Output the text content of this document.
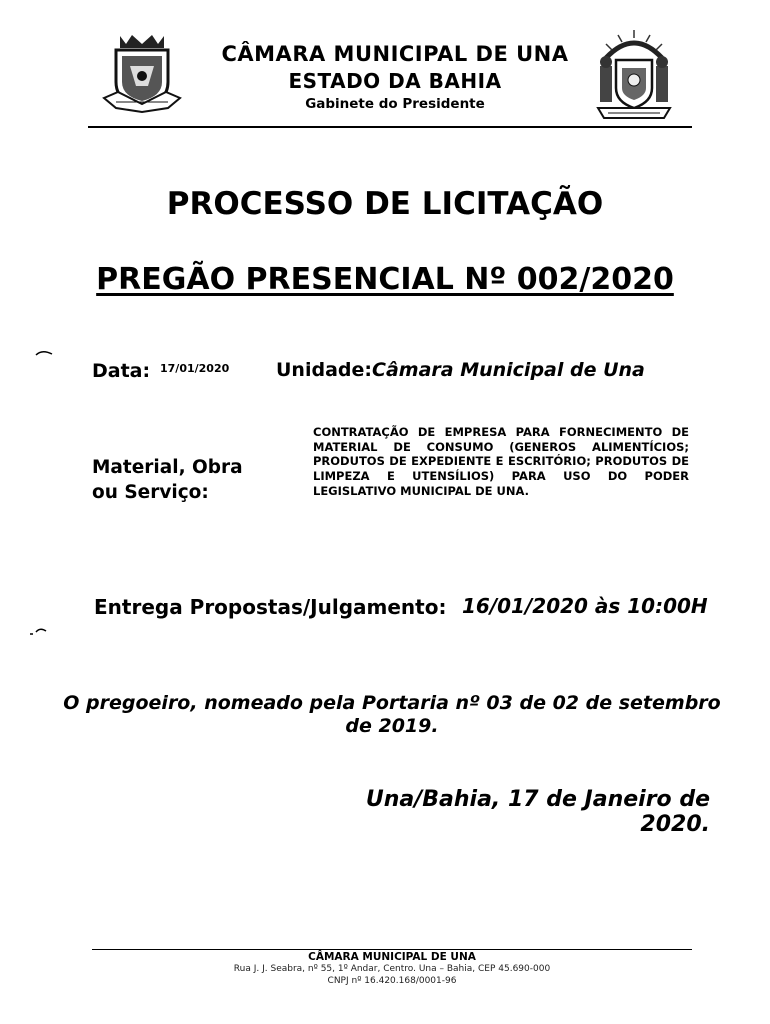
CÂMARA MUNICIPAL DE UNA
ESTADO DA BAHIA
Gabinete do Presidente
PROCESSO DE LICITAÇÃO
PREGÃO PRESENCIAL Nº 002/2020
Data: 17/01/2020 Unidade: Câmara Municipal de Una
Material, Obra
ou Serviço:
CONTRATAÇÃO DE EMPRESA PARA FORNECIMENTO DE MATERIAL DE CONSUMO (GENEROS ALIMENTÍCIOS; PRODUTOS DE EXPEDIENTE E ESCRITÓRIO; PRODUTOS DE LIMPEZA E UTENSÍLIOS) PARA USO DO PODER LEGISLATIVO MUNICIPAL DE UNA.
Entrega Propostas/Julgamento: 16/01/2020 às 10:00H
O pregoeiro, nomeado pela Portaria nº 03 de 02 de setembro
de 2019.
Una/Bahia, 17 de Janeiro de 2020.
CÂMARA MUNICIPAL DE UNA
Rua J. J. Seabra, nº 55, 1º Andar, Centro. Una – Bahia, CEP 45.690-000
CNPJ nº 16.420.168/0001-96
